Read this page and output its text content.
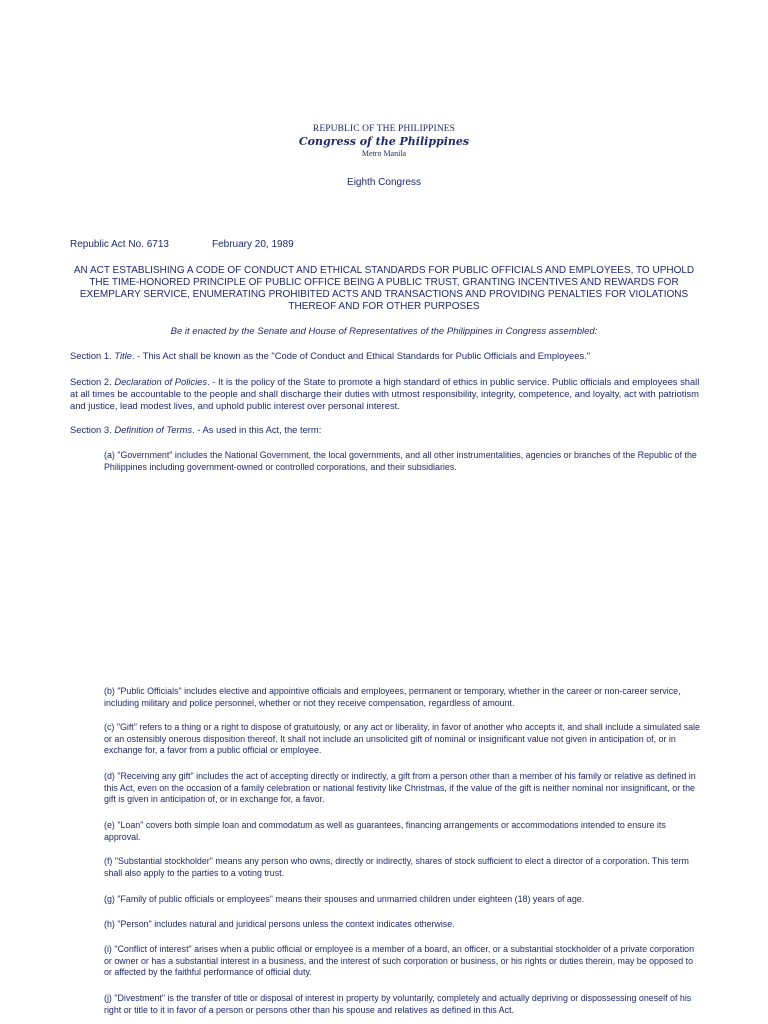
REPUBLIC OF THE PHILIPPINES
Congress of the Philippines
Metro Manila
Eighth Congress
Republic Act No. 6713	February 20, 1989
AN ACT ESTABLISHING A CODE OF CONDUCT AND ETHICAL STANDARDS FOR PUBLIC OFFICIALS AND EMPLOYEES, TO UPHOLD THE TIME-HONORED PRINCIPLE OF PUBLIC OFFICE BEING A PUBLIC TRUST, GRANTING INCENTIVES AND REWARDS FOR EXEMPLARY SERVICE, ENUMERATING PROHIBITED ACTS AND TRANSACTIONS AND PROVIDING PENALTIES FOR VIOLATIONS THEREOF AND FOR OTHER PURPOSES
Be it enacted by the Senate and House of Representatives of the Philippines in Congress assembled:
Section 1. Title. - This Act shall be known as the "Code of Conduct and Ethical Standards for Public Officials and Employees."
Section 2. Declaration of Policies. - It is the policy of the State to promote a high standard of ethics in public service. Public officials and employees shall at all times be accountable to the people and shall discharge their duties with utmost responsibility, integrity, competence, and loyalty, act with patriotism and justice, lead modest lives, and uphold public interest over personal interest.
Section 3. Definition of Terms. - As used in this Act, the term:
(a) "Government" includes the National Government, the local governments, and all other instrumentalities, agencies or branches of the Republic of the Philippines including government-owned or controlled corporations, and their subsidiaries.
(b) "Public Officials" includes elective and appointive officials and employees, permanent or temporary, whether in the career or non-career service, including military and police personnel, whether or not they receive compensation, regardless of amount.
(c) "Gift" refers to a thing or a right to dispose of gratuitously, or any act or liberality, in favor of another who accepts it, and shall include a simulated sale or an ostensibly onerous disposition thereof. It shall not include an unsolicited gift of nominal or insignificant value not given in anticipation of, or in exchange for, a favor from a public official or employee.
(d) "Receiving any gift" includes the act of accepting directly or indirectly, a gift from a person other than a member of his family or relative as defined in this Act, even on the occasion of a family celebration or national festivity like Christmas, if the value of the gift is neither nominal nor insignificant, or the gift is given in anticipation of, or in exchange for, a favor.
(e) "Loan" covers both simple loan and commodatum as well as guarantees, financing arrangements or accommodations intended to ensure its approval.
(f) "Substantial stockholder" means any person who owns, directly or indirectly, shares of stock sufficient to elect a director of a corporation. This term shall also apply to the parties to a voting trust.
(g) "Family of public officials or employees" means their spouses and unmarried children under eighteen (18) years of age.
(h) "Person" includes natural and juridical persons unless the context indicates otherwise.
(i) "Conflict of interest" arises when a public official or employee is a member of a board, an officer, or a substantial stockholder of a private corporation or owner or has a substantial interest in a business, and the interest of such corporation or business, or his rights or duties therein, may be opposed to or affected by the faithful performance of official duty.
(j) "Divestment" is the transfer of title or disposal of interest in property by voluntarily, completely and actually depriving or dispossessing oneself of his right or title to it in favor of a person or persons other than his spouse and relatives as defined in this Act.
